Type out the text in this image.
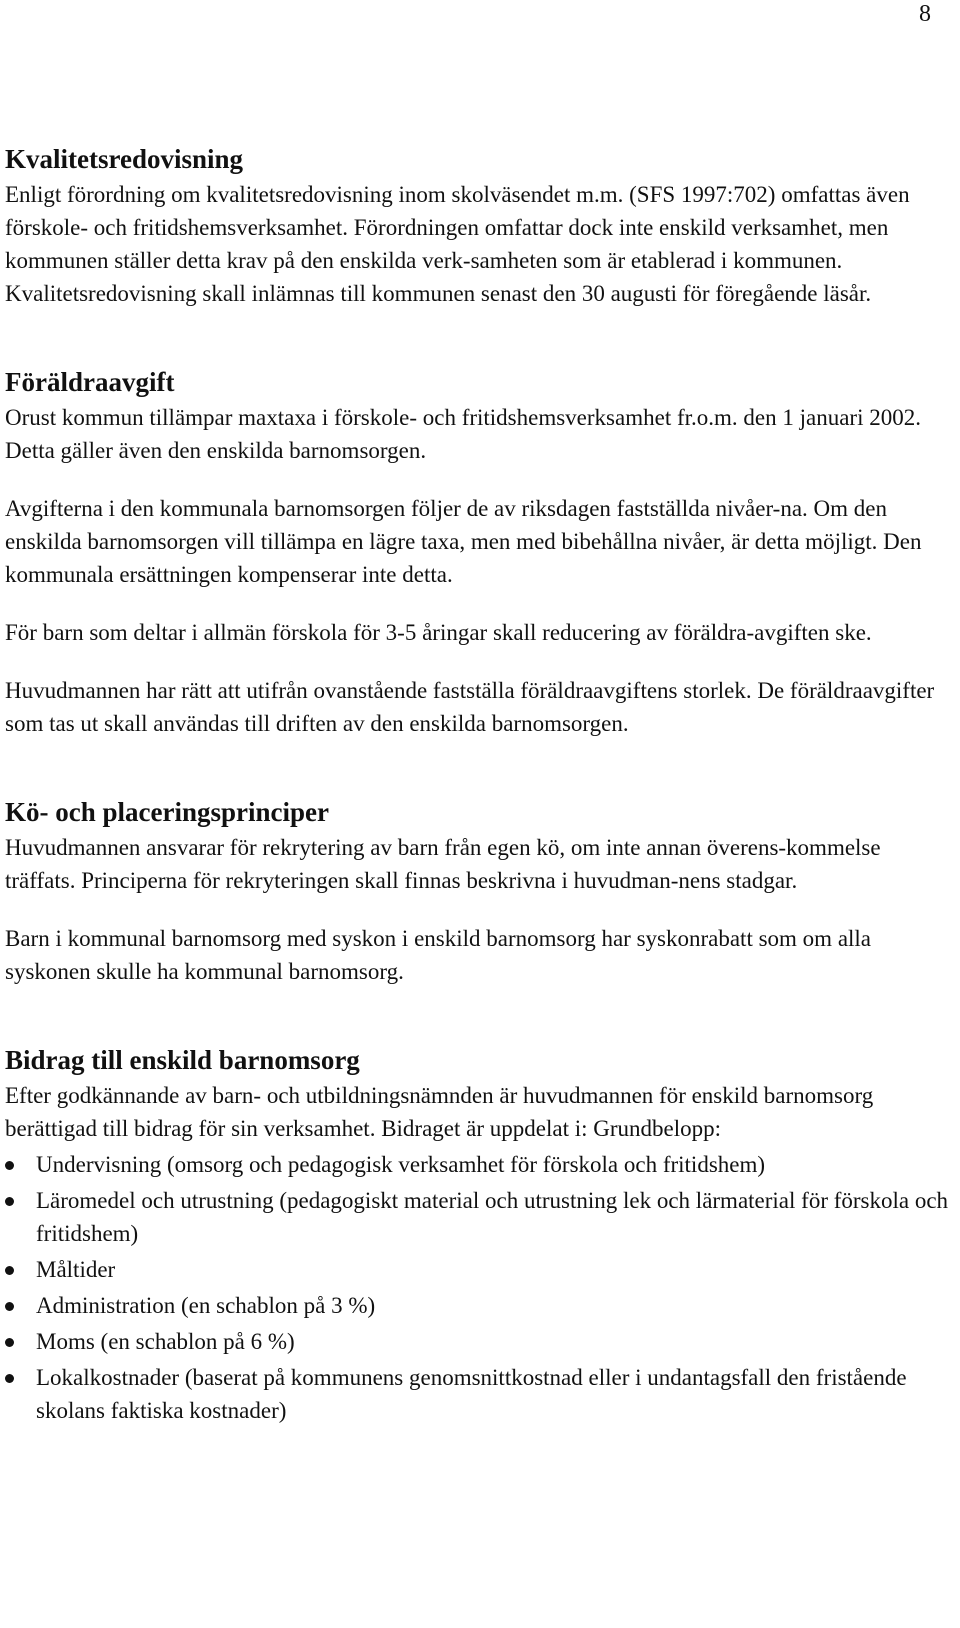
8
Kvalitetsredovisning

Enligt förordning om kvalitetsredovisning inom skolväsendet m.m. (SFS 1997:702) omfattas även förskole- och fritidshemsverksamhet. Förordningen omfattar dock inte enskild verksamhet, men kommunen ställer detta krav på den enskilda verk-samheten som är etablerad i kommunen. Kvalitetsredovisning skall inlämnas till kommunen senast den 30 augusti för föregående läsår.

Föräldraavgift

Orust kommun tillämpar maxtaxa i förskole- och fritidshemsverksamhet fr.o.m. den 1 januari 2002. Detta gäller även den enskilda barnomsorgen.

Avgifterna i den kommunala barnomsorgen följer de av riksdagen fastställda nivåer-na. Om den enskilda barnomsorgen vill tillämpa en lägre taxa, men med bibehållna nivåer, är detta möjligt. Den kommunala ersättningen kompenserar inte detta.

För barn som deltar i allmän förskola för 3-5 åringar skall reducering av föräldra-avgiften ske.

Huvudmannen har rätt att utifrån ovanstående fastställa föräldraavgiftens storlek. De föräldraavgifter som tas ut skall användas till driften av den enskilda barnomsorgen.

Kö- och placeringsprinciper

Huvudmannen ansvarar för rekrytering av barn från egen kö, om inte annan överens-kommelse träffats. Principerna för rekryteringen skall finnas beskrivna i huvudman-nens stadgar.

Barn i kommunal barnomsorg med syskon i enskild barnomsorg har syskonrabatt som om alla syskonen skulle ha kommunal barnomsorg.

Bidrag till enskild barnomsorg

Efter godkännande av barn- och utbildningsnämnden är huvudmannen för enskild barnomsorg berättigad till bidrag för sin verksamhet. Bidraget är uppdelat i: Grundbelopp:

Undervisning (omsorg och pedagogisk verksamhet för förskola och fritidshem)
Läromedel och utrustning (pedagogiskt material och utrustning lek och lärmaterial för förskola och fritidshem)
Måltider
Administration (en schablon på 3 %)
Moms (en schablon på 6 %)
Lokalkostnader (baserat på kommunens genomsnittkostnad eller i undantagsfall den fristående skolans faktiska kostnader)
